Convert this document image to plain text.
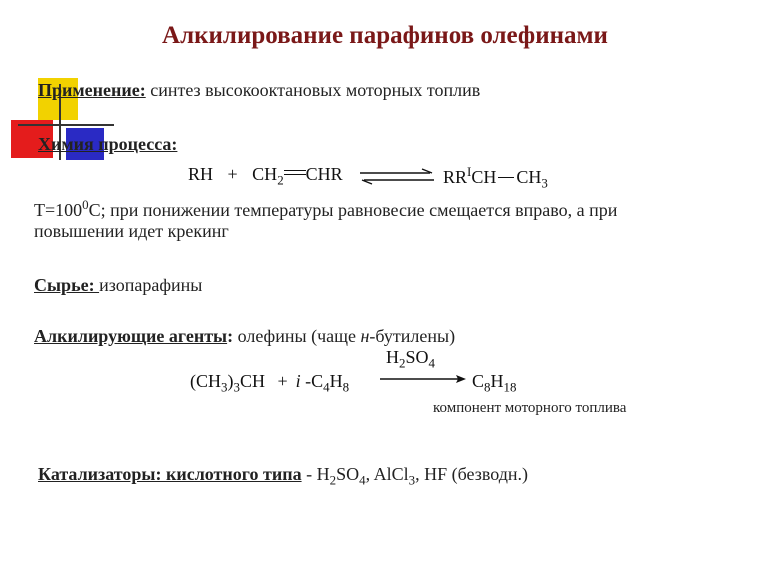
Алкилирование парафинов олефинами
Применение: синтез высокооктановых моторных топлив
Химия процесса:
RH + $CH_2$ CHR	$RR^ICH$ $CH_3$
$T=100^0C$; при понижении температуры равновесие смещается вправо, а при
повышении идет крекинг
Сырье: изопарафины
Алкилирующие агенты: олефины (чаще н-бутилены)
$H_2SO_4$
$(CH_3)_3CH + i$ $-C_4H_8$	$C_8H_{18}$
компонент моторного топлива
Катализаторы: кислотного типа - $H_2SO_4$, AlCl$_3$, HF (безводн.)
